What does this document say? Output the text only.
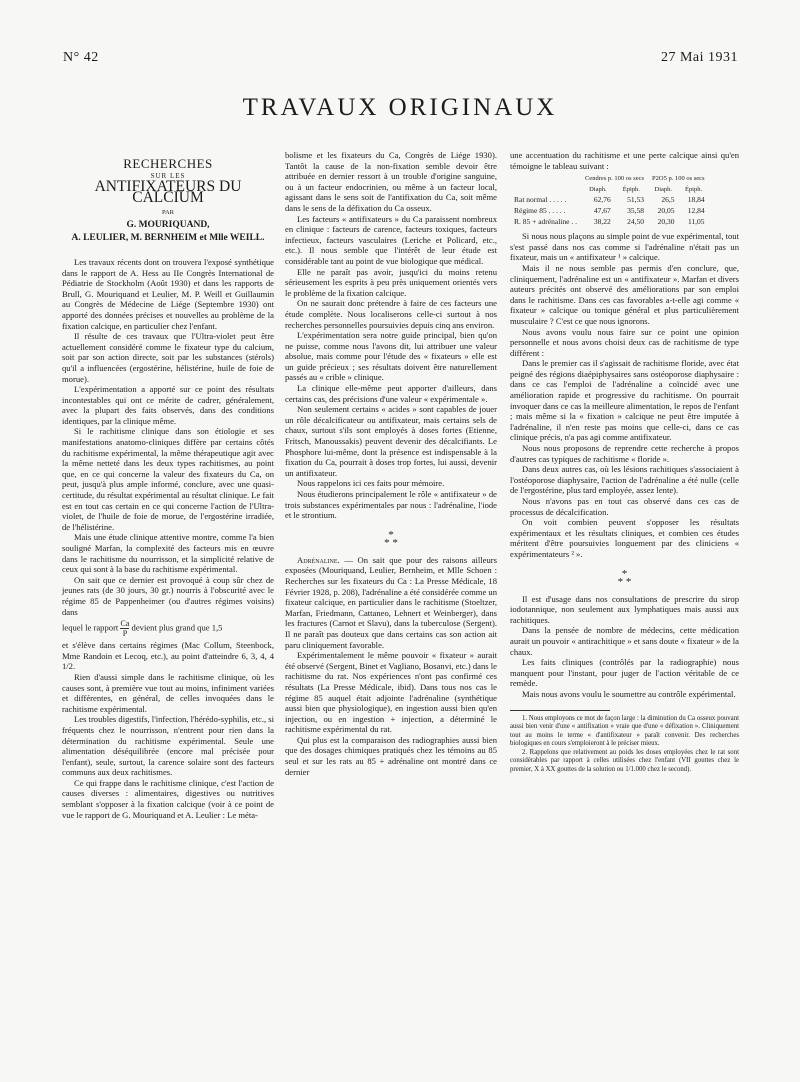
N° 42	27 Mai 1931
TRAVAUX ORIGINAUX
RECHERCHES
SUR LES
ANTIFIXATEURS DU CALCIUM
PAR
G. MOURIQUAND,
A. LEULIER, M. BERNHEIM et Mlle WEILL.

Les travaux récents dont on trouvera l'exposé synthétique dans le rapport de A. Hess au IIe Congrès International de Pédiatrie de Stockholm (Août 1930) et dans les rapports de Brull, G. Mouriquand et Leulier, M. P. Weill et Guillaumin au Congrès de Médecine de Liége (Septembre 1930) ont apporté des données précises et nouvelles au problème de la fixation calcique, en particulier chez l'enfant.

Il résulte de ces travaux que l'Ultra-violet peut être actuellement considéré comme le fixateur type du calcium, soit par son action directe, soit par les substances (stérols) qu'il a influencées (ergostérine, hélistérine, huile de foie de morue).

L'expérimentation a apporté sur ce point des résultats incontestables qui ont ce mérite de cadrer, généralement, avec la plupart des faits observés, dans des conditions identiques, par la clinique même.

Si le rachitisme clinique dans son étiologie et ses manifestations anatomo-cliniques diffère par certains côtés du rachitisme expérimental, la même thérapeutique agit avec la même netteté dans les deux types rachitismes, au point que, en ce qui concerne la valeur des fixateurs du Ca, on peut, jusqu'à plus ample informé, conclure, avec une quasi-certitude, du résultat expérimental au résultat clinique. Le fait est en tout cas certain en ce qui concerne l'action de l'Ultra-violet, de l'huile de foie de morue, de l'ergostérine irradiée, de l'hélistérine.

Mais une étude clinique attentive montre, comme l'a bien souligné Marfan, la complexité des facteurs mis en œuvre dans le rachitisme du nourrisson, et la simplicité relative de ceux qui sont à la base du rachitisme expérimental.

On sait que ce dernier est provoqué à coup sûr chez de jeunes rats (de 30 jours, 30 gr.) nourris à l'obscurité avec le régime 85 de Pappenheimer (ou d'autres régimes voisins) dans

lequel le rapport $\frac{Ca}{P}$ devient plus grand que 1,5

et s'élève dans certains régimes (Mac Collum, Steenbock, Mme Randoin et Lecoq, etc.), au point d'atteindre 6, 3, 4, 4 1/2.

Rien d'aussi simple dans le rachitisme clinique, où les causes sont, à première vue tout au moins, infiniment variées et différentes, en général, de celles invoquées dans le rachitisme expérimental.

Les troubles digestifs, l'infection, l'hérédo-syphilis, etc., si fréquents chez le nourrisson, n'entrent pour rien dans la détermination du rachitisme expérimental. Seule une alimentation déséquilibrée (encore mal précisée pour l'enfant), seule, surtout, la carence solaire sont des facteurs communs aux deux rachitismes.

Ce qui frappe dans le rachitisme clinique, c'est l'action de causes diverses : alimentaires, digestives ou nutritives semblant s'opposer à la fixation calcique (voir à ce point de vue le rapport de G. Mouriquand et A. Leulier : Le méta-

bolisme et les fixateurs du Ca, Congrès de Liége 1930). Tantôt la cause de la non-fixation semble devoir être attribuée en dernier ressort à un trouble d'origine sanguine, ou à un facteur endocrinien, ou même à un facteur local, agissant dans le sens soit de l'antifixation du Ca, soit même dans le sens de la défixation du Ca osseux.

Les facteurs « antifixateurs » du Ca paraissent nombreux en clinique : facteurs de carence, facteurs toxiques, facteurs infectieux, facteurs vasculaires (Leriche et Policard, etc., etc.). Il nous semble que l'intérêt de leur étude est considérable tant au point de vue biologique que médical.

Elle ne paraît pas avoir, jusqu'ici du moins retenu sérieusement les esprits à peu près uniquement orientés vers le problème de la fixation calcique.

On ne saurait donc prétendre à faire de ces facteurs une étude complète. Nous localiserons celle-ci surtout à nos recherches personnelles poursuivies depuis cinq ans environ.

L'expérimentation sera notre guide principal, bien qu'on ne puisse, comme nous l'avons dit, lui attribuer une valeur absolue, mais comme pour l'étude des « fixateurs » elle est un guide précieux ; ses résultats doivent être naturellement passés au « crible » clinique.

La clinique elle-même peut apporter d'ailleurs, dans certains cas, des précisions d'une valeur « expérimentale ».

Non seulement certains « acides » sont capables de jouer un rôle décalcificateur ou antifixateur, mais certains sels de chaux, surtout s'ils sont employés à doses fortes (Etienne, Fritsch, Manoussakis) peuvent devenir des décalcifiants. Le Phosphore lui-même, dont la présence est indispensable à la fixation du Ca, pourrait à doses trop fortes, lui aussi, devenir un antifixateur.

Nous rappelons ici ces faits pour mémoire.

Nous étudierons principalement le rôle « antifixateur » de trois substances expérimentales par nous : l'adrénaline, l'iode et le strontium.

*
* *

Adrénaline. — On sait que pour des raisons ailleurs exposées (Mouriquand, Leulier, Bernheim, et Mlle Schoen : Recherches sur les fixateurs du Ca : La Presse Médicale, 18 Février 1928, p. 208), l'adrénaline a été considérée comme un fixateur calcique, en particulier dans le rachitisme (Stoeltzer, Marfan, Friedmann, Cattaneo, Lehnert et Weinberger), dans les fractures (Carnot et Slavu), dans la tuberculose (Sergent). Il ne paraît pas douteux que dans certains cas son action ait paru cliniquement favorable.

Expérimentalement le même pouvoir « fixateur » aurait été observé (Sergent, Binet et Vagliano, Bosanvi, etc.) dans le rachitisme du rat. Nos expériences n'ont pas confirmé ces résultats (La Presse Médicale, ibid). Dans tous nos cas le régime 85 auquel était adjointe l'adrénaline (synthétique aussi bien que physiologique), en ingestion aussi bien qu'en injection, ou en ingestion + injection, a déterminé le rachitisme expérimental du rat.

Qui plus est la comparaison des radiographies aussi bien que des dosages chimiques pratiqués chez les témoins au 85 seul et sur les rats au 85 + adrénaline ont montré dans ce dernier

une accentuation du rachitisme et une perte calcique ainsi qu'en témoigne le tableau suivant :

	Cendres p. 100 os secs		P2O5 p. 100 os secs	
	Diaph.	Épiph.	Diaph.	Épiph.
Rat normal . . . . .	62,76	51,53	26,5	18,84
Régime 85 . . . . .	47,67	35,58	20,05	12,84
R. 85 + adrénaline . .	38,22	24,50	20,30	11,05

Si nous nous plaçons au simple point de vue expérimental, tout s'est passé dans nos cas comme si l'adrénaline n'était pas un fixateur, mais un « antifixateur ¹ » calcique.

Mais il ne nous semble pas permis d'en conclure, que, cliniquement, l'adrénaline est un « antifixateur ». Marfan et divers auteurs précités ont observé des améliorations par son emploi dans le rachitisme. Dans ces cas favorables a-t-elle agi comme « fixateur » calcique ou tonique général et plus particulièrement musculaire ? C'est ce que nous ignorons.

Nous avons voulu nous faire sur ce point une opinion personnelle et nous avons choisi deux cas de rachitisme de type différent :

Dans le premier cas il s'agissait de rachitisme floride, avec état peigné des régions diaépiphysaires sans ostéoporose diaphysaire : dans ce cas l'emploi de l'adrénaline a coïncidé avec une amélioration rapide et progressive du rachitisme. On pourrait invoquer dans ce cas la meilleure alimentation, le repos de l'enfant ; mais même si la « fixation » calcique ne peut être imputée à l'adrénaline, il n'en reste pas moins que celle-ci, dans ce cas clinique précis, n'a pas agi comme antifixateur.

Nous nous proposons de reprendre cette recherche à propos d'autres cas typiques de rachitisme « floride ».

Dans deux autres cas, où les lésions rachitiques s'associaient à l'ostéoporose diaphysaire, l'action de l'adrénaline a été nulle (celle de l'ergostérine, plus tard employée, assez lente).

Nous n'avons pas en tout cas observé dans ces cas de processus de décalcification.

On voit combien peuvent s'opposer les résultats expérimentaux et les résultats cliniques, et combien ces études méritent d'être poursuivies longuement par des cliniciens « expérimentateurs ² ».

*
* *

Il est d'usage dans nos consultations de prescrire du sirop iodotannique, non seulement aux lymphatiques mais aussi aux rachitiques.

Dans la pensée de nombre de médecins, cette médication aurait un pouvoir « antirachitique » et sans doute « fixateur » de la chaux.

Les faits cliniques (contrôlés par la radiographie) nous manquent pour l'instant, pour juger de l'action véritable de ce remède.

Mais nous avons voulu le soumettre au contrôle expérimental.

1. Nous employons ce mot de façon large : la diminution du Ca osseux pouvant aussi bien venir d'une « antifixation » vraie que d'une « défixation ». Cliniquement tout au moins le terme « d'antifixateur » paraît convenir. Des recherches biologiques en cours s'emploieront à le préciser mieux.

2. Rappelons que relativement au poids les doses employées chez le rat sont considérables par rapport à celles utilisées chez l'enfant (VII gouttes chez le premier, X à XX gouttes de la solution ou 1/1.000 chez le second).
